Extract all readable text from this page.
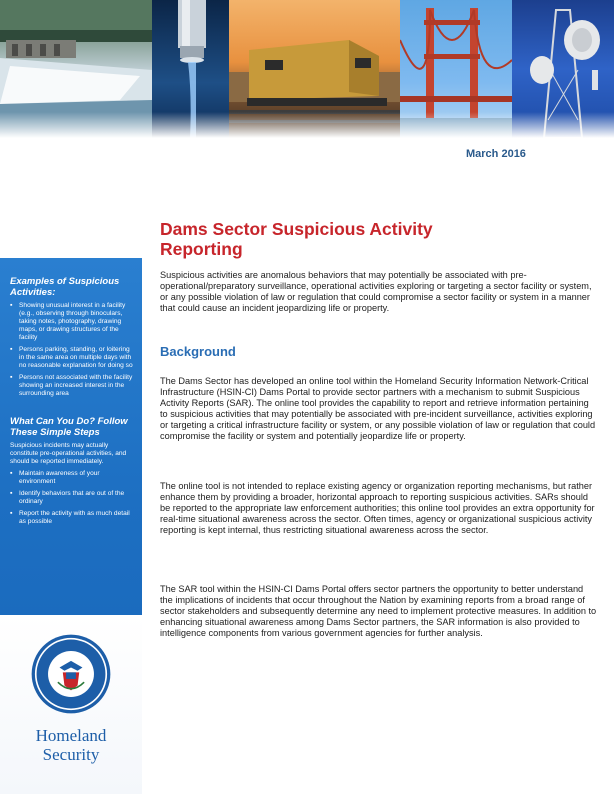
March 2016
Examples of Suspicious Activities:
▪ Showing unusual interest in a facility (e.g., observing through binoculars, taking notes, photography, drawing maps, or drawing structures of the facility
▪ Persons parking, standing, or loitering in the same area on multiple days with no reasonable explanation for doing so
▪ Persons not associated with the facility showing an increased interest in the surrounding area
What Can You Do? Follow These Simple Steps
Suspicious incidents may actually constitute pre-operational activities, and should be reported immediately.
▪ Maintain awareness of your environment
▪ Identify behaviors that are out of the ordinary
▪ Report the activity with as much detail as possible
Homeland
Security
Dams Sector Suspicious Activity Reporting

Suspicious activities are anomalous behaviors that may potentially be associated with pre-operational/preparatory surveillance, operational activities exploring or targeting a sector facility or system, or any possible violation of law or regulation that could compromise a sector facility or system in a manner that could cause an incident jeopardizing life or property.

Background

The Dams Sector has developed an online tool within the Homeland Security Information Network-Critical Infrastructure (HSIN-CI) Dams Portal to provide sector partners with a mechanism to submit Suspicious Activity Reports (SAR). The online tool provides the capability to report and retrieve information pertaining to suspicious activities that may potentially be associated with pre-incident surveillance, activities exploring or targeting a critical infrastructure facility or system, or any possible violation of law or regulation that could compromise the facility or system and potentially jeopardize life or property.

The online tool is not intended to replace existing agency or organization reporting mechanisms, but rather enhance them by providing a broader, horizontal approach to reporting suspicious activities. SARs should be reported to the appropriate law enforcement authorities; this online tool provides an extra opportunity for real-time situational awareness across the sector. Often times, agency or organizational suspicious activity reporting is kept internal, thus restricting situational awareness across the sector.

The SAR tool within the HSIN-CI Dams Portal offers sector partners the opportunity to better understand the implications of incidents that occur throughout the Nation by examining reports from a broad range of sector stakeholders and subsequently determine any need to implement protective measures. In addition to enhancing situational awareness among Dams Sector partners, the SAR information is also provided to intelligence components from various government agencies for further analysis.
